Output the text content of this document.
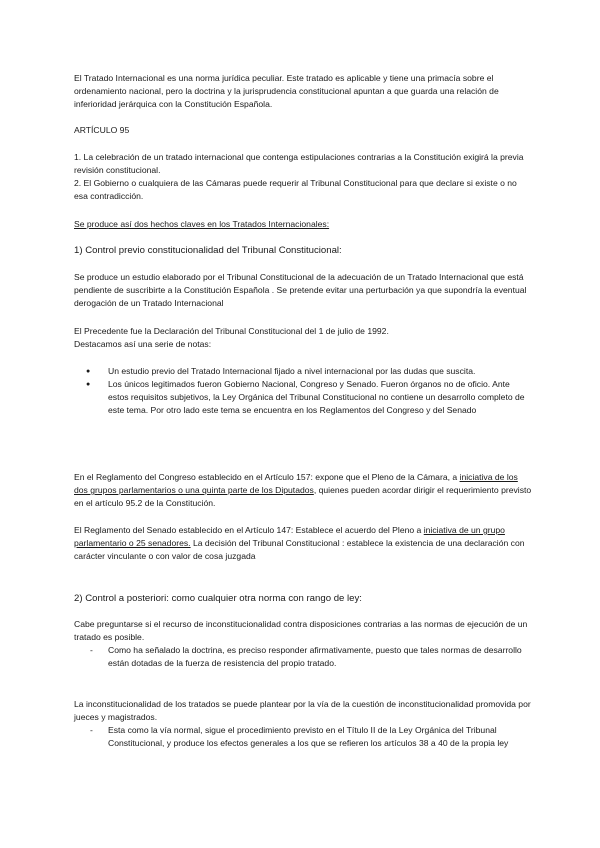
El Tratado Internacional es una norma jurídica peculiar. Este tratado es aplicable y tiene una primacía sobre el ordenamiento nacional, pero la doctrina y la jurisprudencia constitucional apuntan a que guarda una relación de inferioridad jerárquica con la Constitución Española.

ARTÍCULO 95

1. La celebración de un tratado internacional que contenga estipulaciones contrarias a la Constitución exigirá la previa revisión constitucional.

2. El Gobierno o cualquiera de las Cámaras puede requerir al Tribunal Constitucional para que declare si existe o no esa contradicción.

Se produce así dos hechos claves en los Tratados Internacionales:

1) Control previo constitucionalidad del Tribunal Constitucional:

Se produce un estudio elaborado por el Tribunal Constitucional de la adecuación de un Tratado Internacional que está pendiente de suscribirte a la Constitución Española . Se pretende evitar una perturbación ya que supondría la eventual derogación de un Tratado Internacional

El Precedente fue la Declaración del Tribunal Constitucional del 1 de julio de 1992.

Destacamos así una serie de notas:

● Un estudio previo del Tratado Internacional fijado a nivel internacional por las dudas que suscita.
● Los únicos legitimados fueron Gobierno Nacional, Congreso y Senado. Fueron órganos no de oficio. Ante estos requisitos subjetivos, la Ley Orgánica del Tribunal Constitucional no contiene un desarrollo completo de este tema. Por otro lado este tema se encuentra en los Reglamentos del Congreso y del Senado

En el Reglamento del Congreso establecido en el Artículo 157: expone que el Pleno de la Cámara, a iniciativa de los dos grupos parlamentarios o una quinta parte de los Diputados, quienes pueden acordar dirigir el requerimiento previsto en el artículo 95.2 de la Constitución.

El Reglamento del Senado establecido en el Artículo 147: Establece el acuerdo del Pleno a iniciativa de un grupo parlamentario o 25 senadores. La decisión del Tribunal Constitucional : establece la existencia de una declaración con carácter vinculante o con valor de cosa juzgada

2) Control a posteriori: como cualquier otra norma con rango de ley:

Cabe preguntarse si el recurso de inconstitucionalidad contra disposiciones contrarias a las normas de ejecución de un tratado es posible.

- Como ha señalado la doctrina, es preciso responder afirmativamente, puesto que tales normas de desarrollo están dotadas de la fuerza de resistencia del propio tratado.

La inconstitucionalidad de los tratados se puede plantear por la vía de la cuestión de inconstitucionalidad promovida por jueces y magistrados.

- Esta como la vía normal, sigue el procedimiento previsto en el Título II de la Ley Orgánica del Tribunal Constitucional, y produce los efectos generales a los que se refieren los artículos 38 a 40 de la propia ley
